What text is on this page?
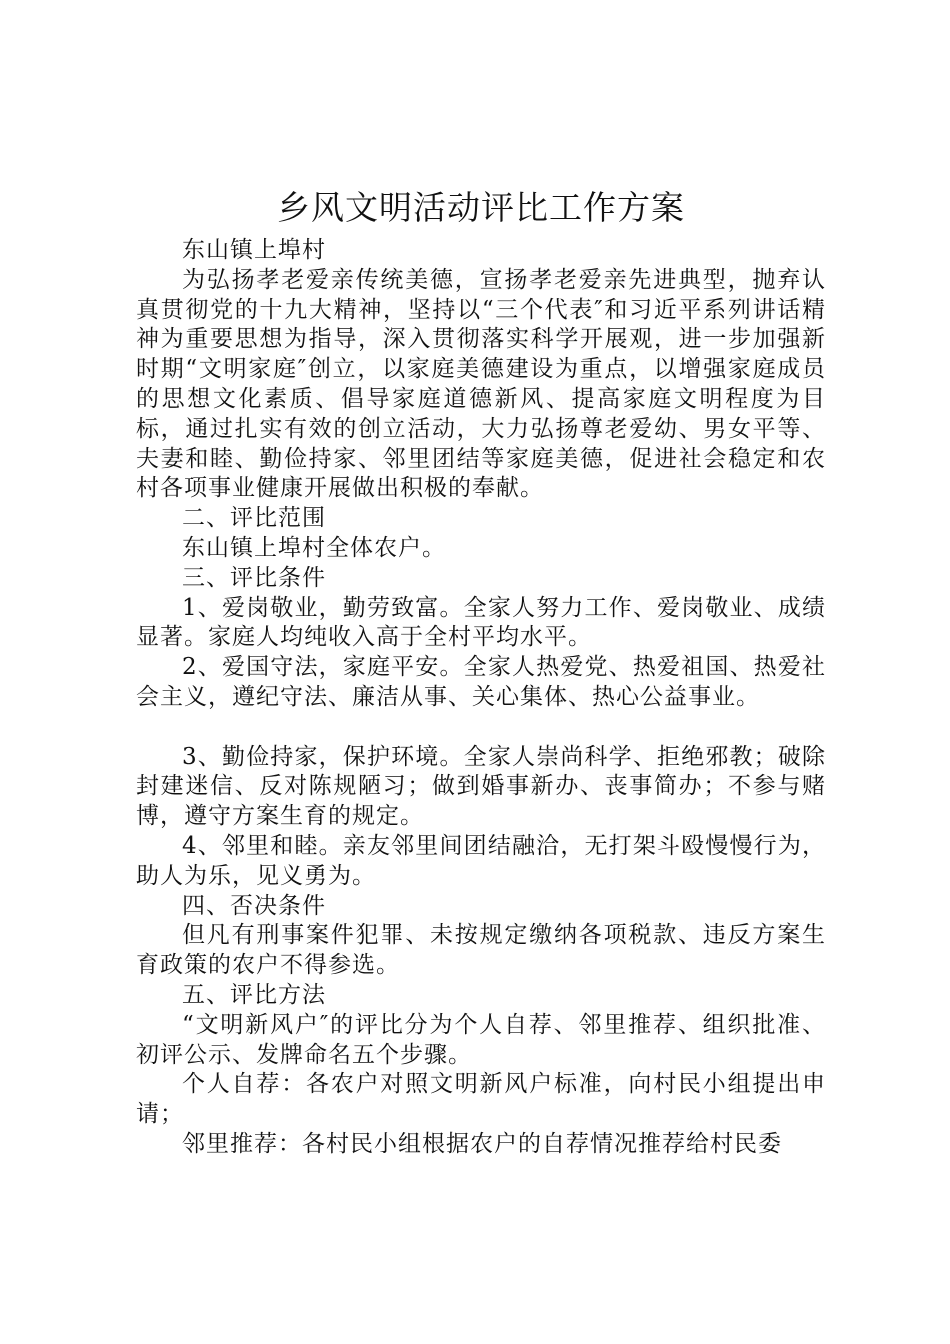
乡风文明活动评比工作方案

东山镇上埠村

为弘扬孝老爱亲传统美德，宣扬孝老爱亲先进典型，抛弃认真贯彻党的十九大精神，坚持以“三个代表″和习近平系列讲话精神为重要思想为指导，深入贯彻落实科学开展观，进一步加强新时期“文明家庭″创立，以家庭美德建设为重点，以增强家庭成员的思想文化素质、倡导家庭道德新风、提高家庭文明程度为目标，通过扎实有效的创立活动，大力弘扬尊老爱幼、男女平等、夫妻和睦、勤俭持家、邻里团结等家庭美德，促进社会稳定和农村各项事业健康开展做出积极的奉献。

二、评比范围

东山镇上埠村全体农户。

三、评比条件

1、爱岗敬业，勤劳致富。全家人努力工作、爱岗敬业、成绩显著。家庭人均纯收入高于全村平均水平。

2、爱国守法，家庭平安。全家人热爱党、热爱祖国、热爱社会主义，遵纪守法、廉洁从事、关心集体、热心公益事业。

3、勤俭持家，保护环境。全家人崇尚科学、拒绝邪教；破除封建迷信、反对陈规陋习；做到婚事新办、丧事简办；不参与赌博，遵守方案生育的规定。

4、邻里和睦。亲友邻里间团结融洽，无打架斗殴慢慢行为，助人为乐，见义勇为。

四、否决条件

但凡有刑事案件犯罪、未按规定缴纳各项税款、违反方案生育政策的农户不得参选。

五、评比方法

“文明新风户″的评比分为个人自荐、邻里推荐、组织批准、初评公示、发牌命名五个步骤。

个人自荐：各农户对照文明新风户标准，向村民小组提出申请；

邻里推荐：各村民小组根据农户的自荐情况推荐给村民委
